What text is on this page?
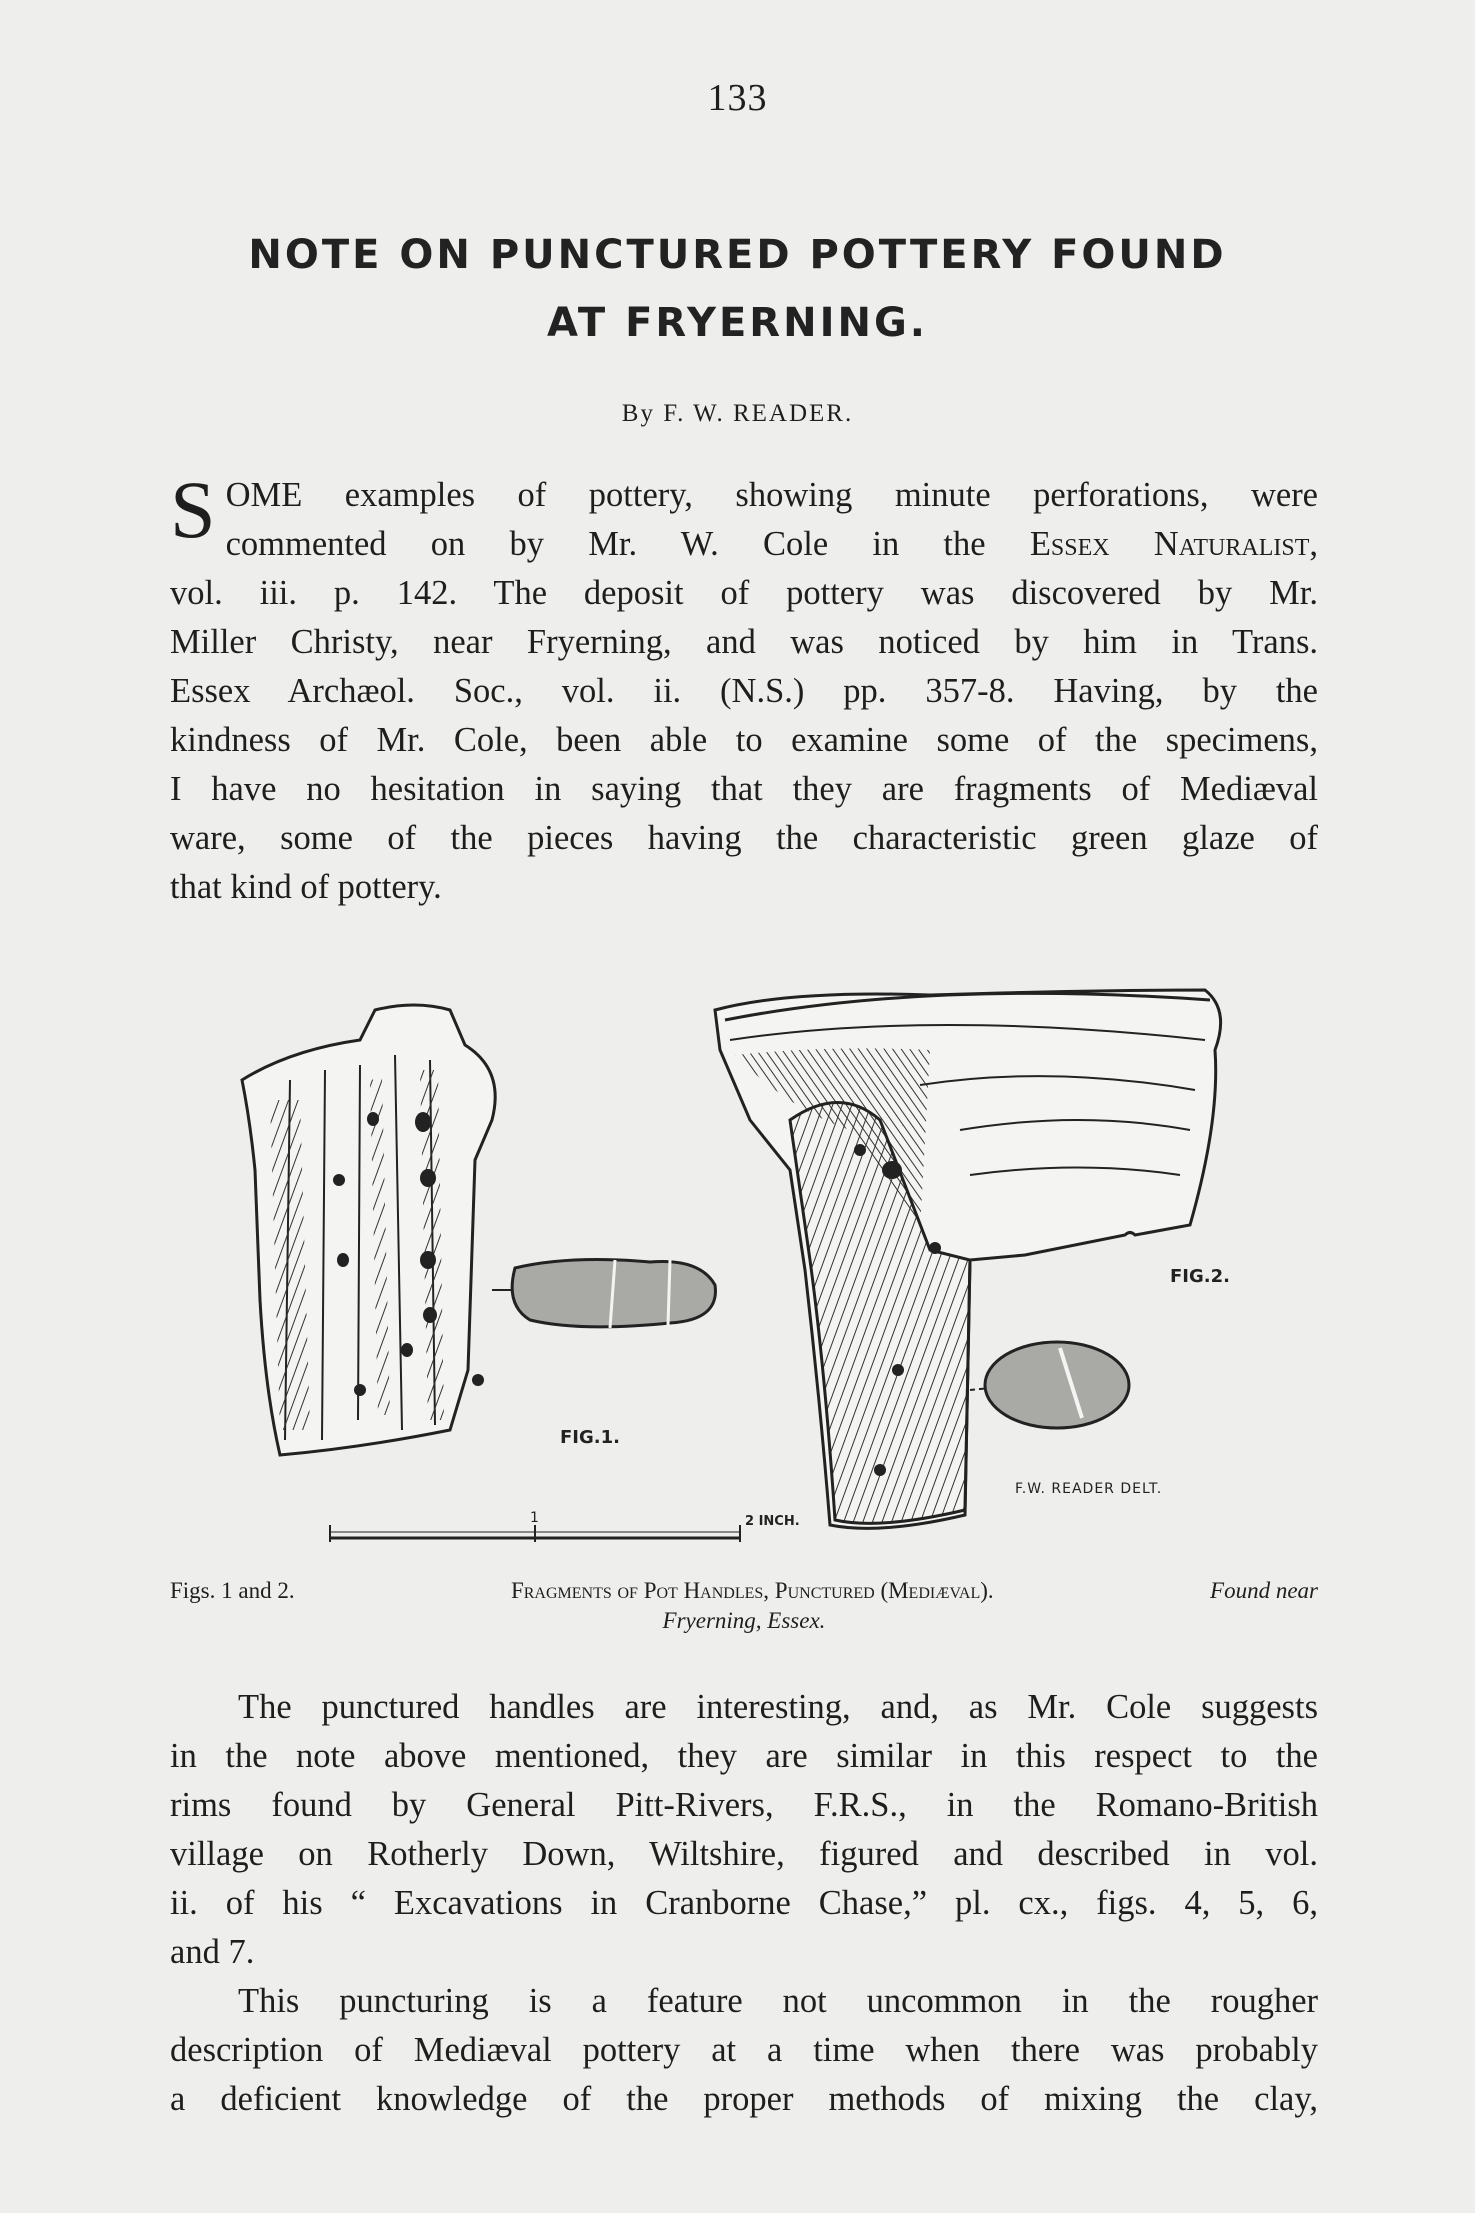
133
NOTE ON PUNCTURED POTTERY FOUND
AT FRYERNING.
By F. W. READER.
S OME examples of pottery, showing minute perforations, were
commented on by Mr. W. Cole in the Essex Naturalist,
vol. iii. p. 142. The deposit of pottery was discovered by Mr.
Miller Christy, near Fryerning, and was noticed by him in Trans.
Essex Archæol. Soc., vol. ii. (N.S.) pp. 357-8. Having, by the
kindness of Mr. Cole, been able to examine some of the specimens,
I have no hesitation in saying that they are fragments of Mediæval
ware, some of the pieces having the characteristic green glaze of
that kind of pottery.
FIG.1.
1	2 INCH.
FIG.2.
F.W. READER DELT.
Figs. 1 and 2.	Fragments of Pot Handles, Punctured (Mediæval).	Found near
Fryerning, Essex.
The punctured handles are interesting, and, as Mr. Cole suggests
in the note above mentioned, they are similar in this respect to the
rims found by General Pitt-Rivers, F.R.S., in the Romano-British
village on Rotherly Down, Wiltshire, figured and described in vol.
ii. of his “ Excavations in Cranborne Chase,” pl. cx., figs. 4, 5, 6,
and 7.
This puncturing is a feature not uncommon in the rougher
description of Mediæval pottery at a time when there was probably
a deficient knowledge of the proper methods of mixing the clay,
